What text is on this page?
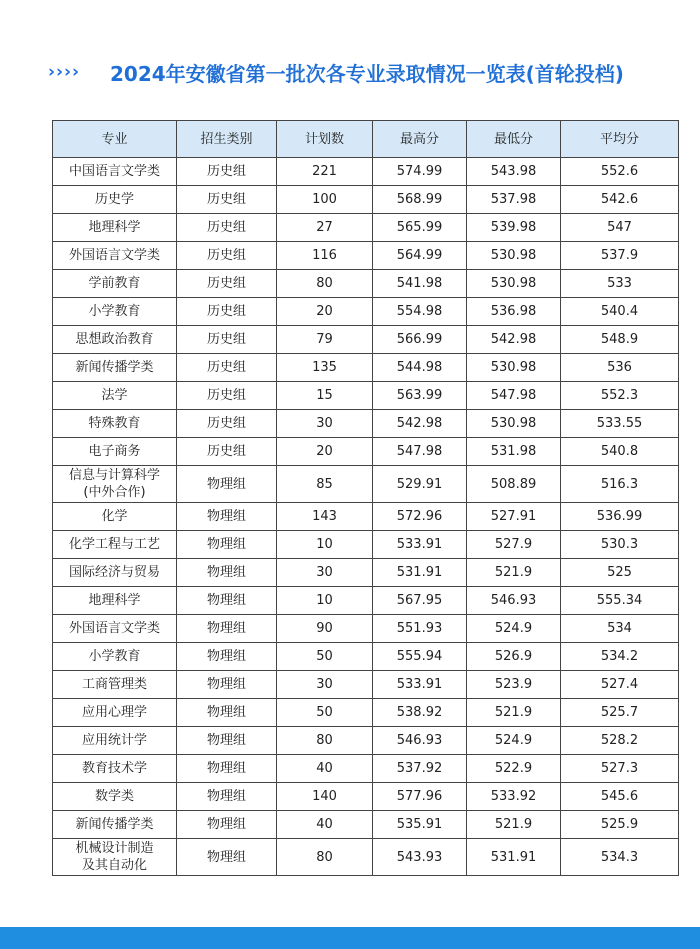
›››› 2024年安徽省第一批次各专业录取情况一览表(首轮投档)
专业	招生类别	计划数	最高分	最低分	平均分
中国语言文学类	历史组	221	574.99	543.98	552.6
历史学	历史组	100	568.99	537.98	542.6
地理科学	历史组	27	565.99	539.98	547
外国语言文学类	历史组	116	564.99	530.98	537.9
学前教育	历史组	80	541.98	530.98	533
小学教育	历史组	20	554.98	536.98	540.4
思想政治教育	历史组	79	566.99	542.98	548.9
新闻传播学类	历史组	135	544.98	530.98	536
法学	历史组	15	563.99	547.98	552.3
特殊教育	历史组	30	542.98	530.98	533.55
电子商务	历史组	20	547.98	531.98	540.8
信息与计算科学
(中外合作)	物理组	85	529.91	508.89	516.3
化学	物理组	143	572.96	527.91	536.99
化学工程与工艺	物理组	10	533.91	527.9	530.3
国际经济与贸易	物理组	30	531.91	521.9	525
地理科学	物理组	10	567.95	546.93	555.34
外国语言文学类	物理组	90	551.93	524.9	534
小学教育	物理组	50	555.94	526.9	534.2
工商管理类	物理组	30	533.91	523.9	527.4
应用心理学	物理组	50	538.92	521.9	525.7
应用统计学	物理组	80	546.93	524.9	528.2
教育技术学	物理组	40	537.92	522.9	527.3
数学类	物理组	140	577.96	533.92	545.6
新闻传播学类	物理组	40	535.91	521.9	525.9
机械设计制造
及其自动化	物理组	80	543.93	531.91	534.3
